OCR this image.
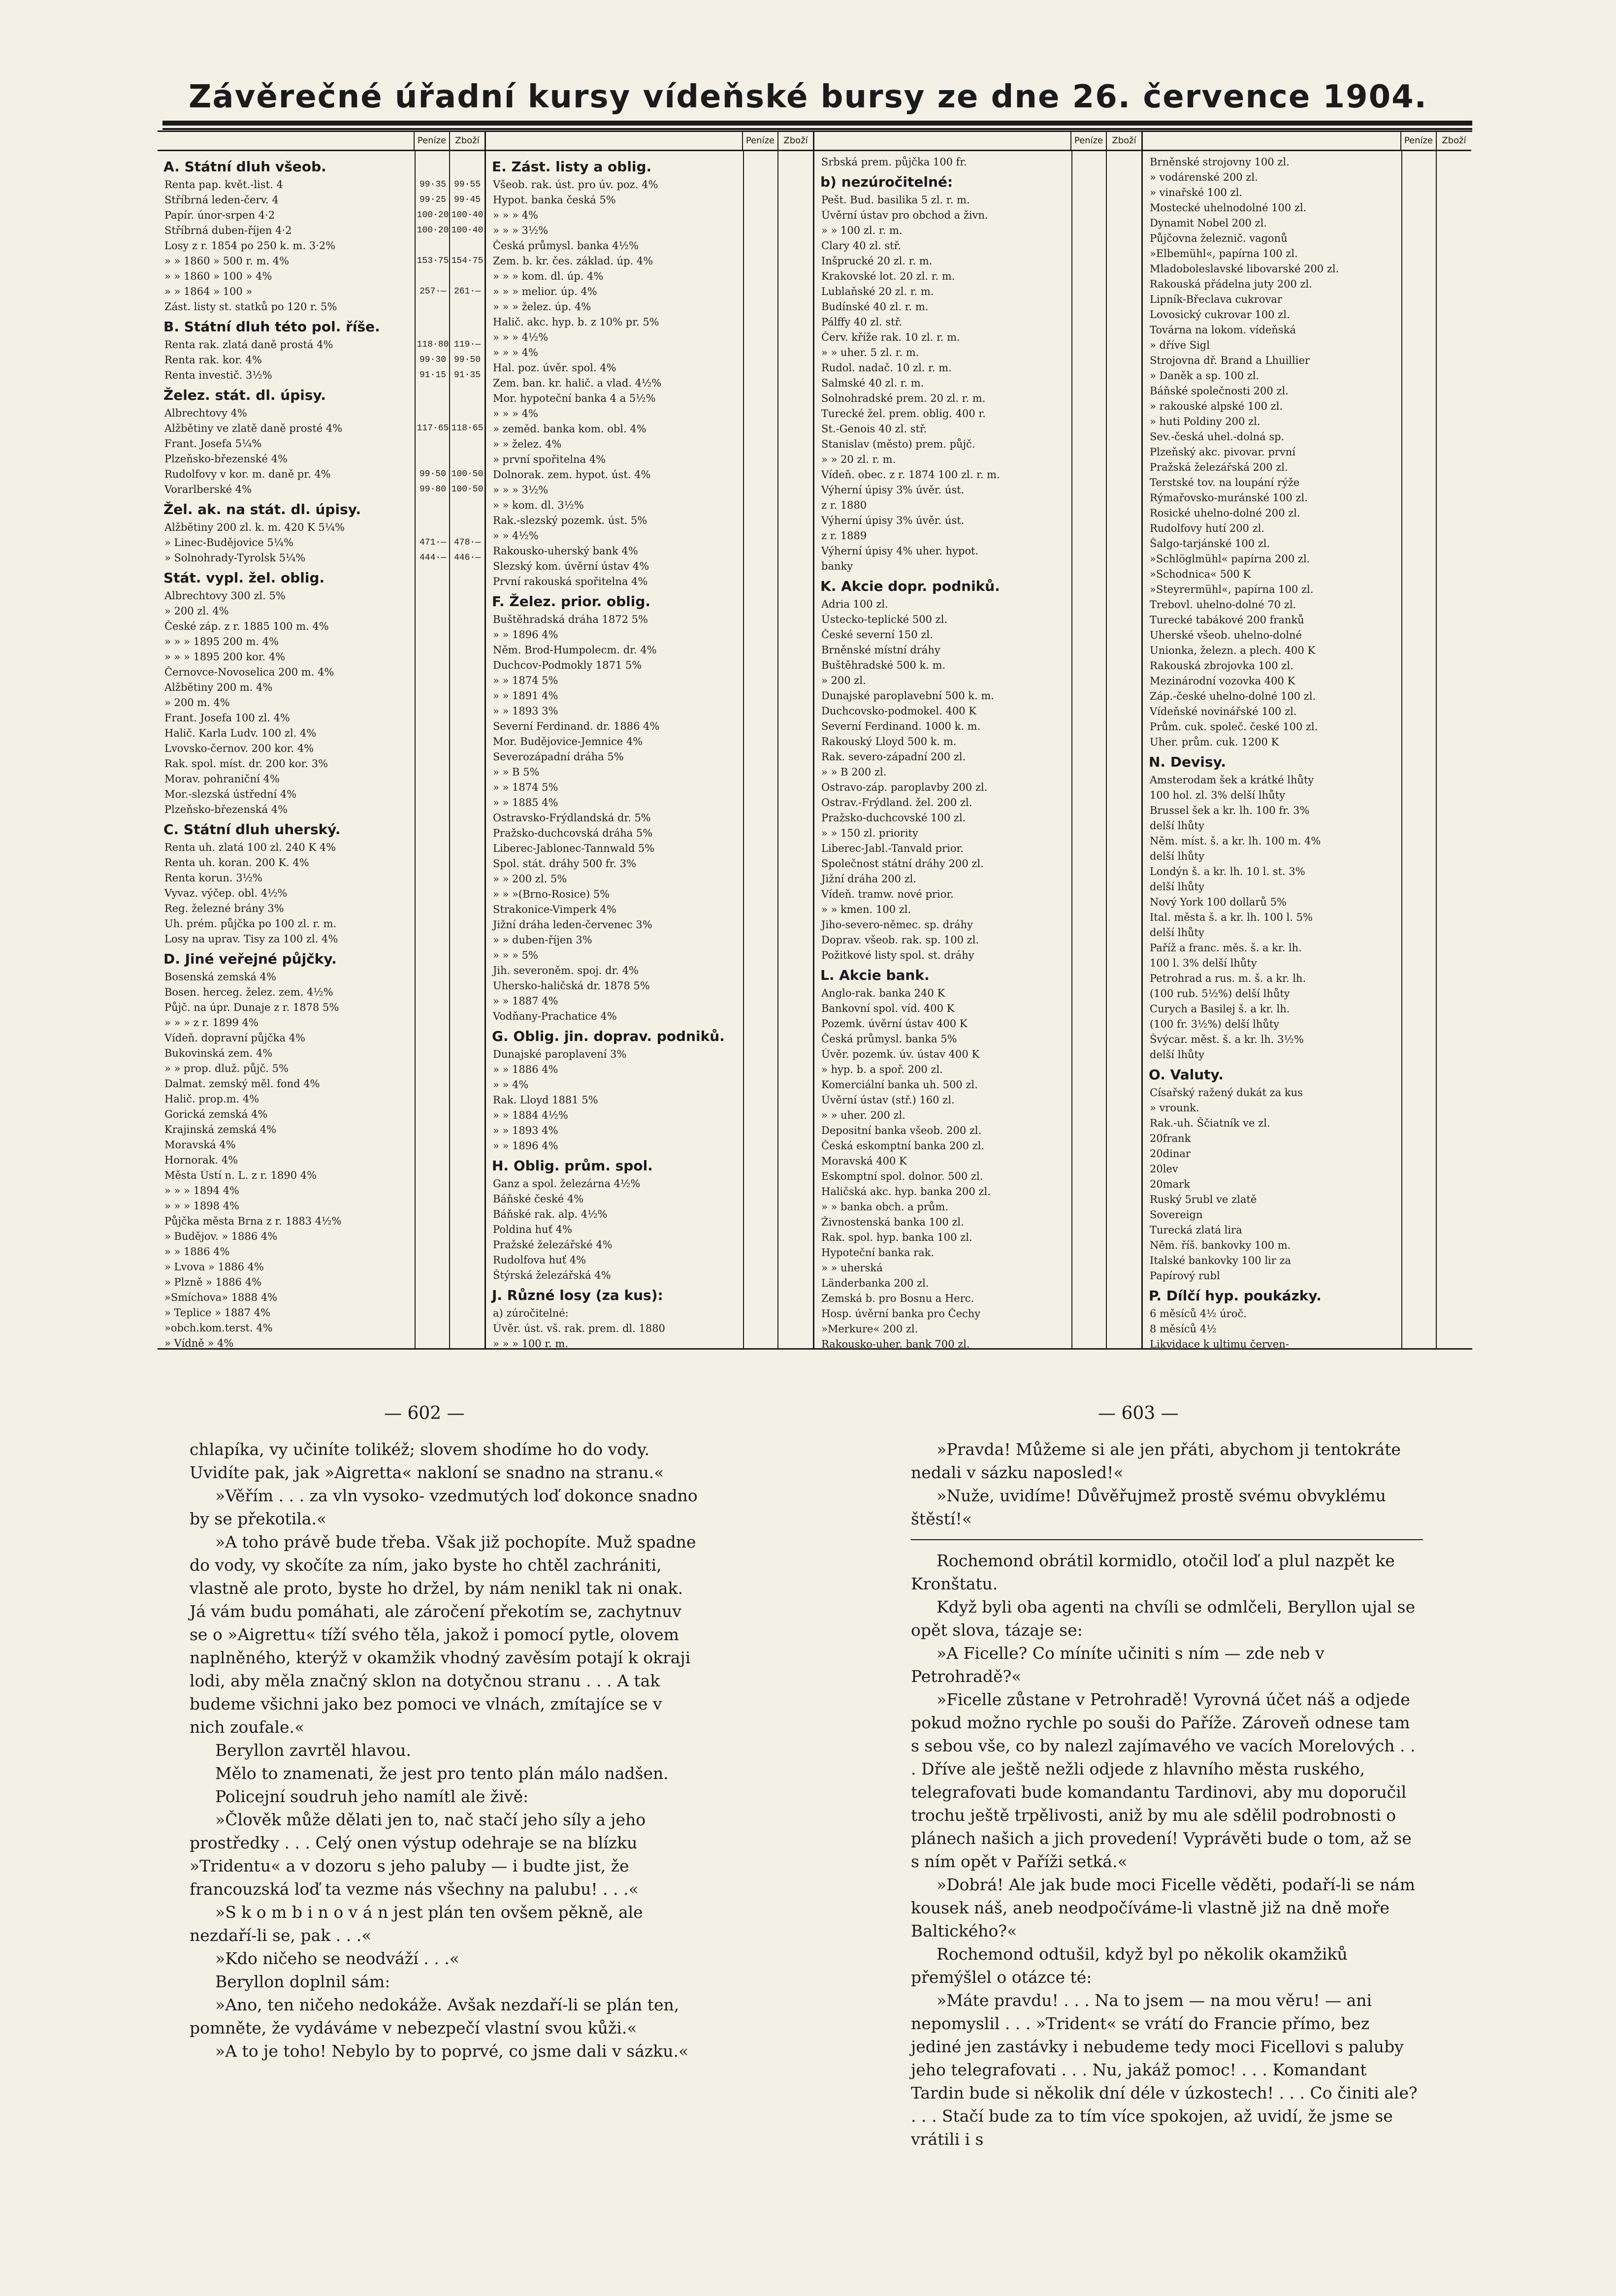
Závěrečné úřadní kursy vídeňské bursy ze dne 26. července 1904.
Peníze	Zboží
A. Státní dluh všeob.
Renta pap. květ.-list. 4	99·35 99·55
Stříbrná leden-červ. 4	99·25 99·45
Papír. únor-srpen 4·2	100·20 100·40
Stříbrná duben-říjen 4·2	100·20 100·40
Losy z r. 1854 po 250 k. m. 3·2%
» » 1860 » 500 r. m. 4%	153·75 154·75
» » 1860 » 100 » 4%
» » 1864 » 100 »	257·— 261·—
Zást. listy st. statků po 120 r. 5%
B. Státní dluh této pol. říše.
Renta rak. zlatá daně prostá 4%	118·80 119·—
Renta rak. kor. 4%	99·30 99·50
Renta investič. 3½%	91·15 91·35
Želez. stát. dl. úpisy.
Albrechtovy 4%
Alžbětiny ve zlatě daně prosté 4%	117·65 118·65
Frant. Josefa 5¼%
Plzeňsko-březenské 4%
Rudolfovy v kor. m. daně pr. 4%	99·50 100·50
Vorarlberské 4%	99·80 100·50
Žel. ak. na stát. dl. úpisy.
Alžbětiny 200 zl. k. m. 420 K 5¼%
» Linec-Budějovice 5¼%	471·— 478·—
» Solnohrady-Tyrolsk 5¼%	444·— 446·—
Stát. vypl. žel. oblig.
Albrechtovy 300 zl. 5%
» 200 zl. 4%
České záp. z r. 1885 100 m. 4%
» » » 1895 200 m. 4%
» » » 1895 200 kor. 4%
Černovce-Novoselica 200 m. 4%
Alžbětiny 200 m. 4%
» 200 m. 4%
Frant. Josefa 100 zl. 4%
Halič. Karla Ludv. 100 zl. 4%
Lvovsko-černov. 200 kor. 4%
Rak. spol. míst. dr. 200 kor. 3%
Morav. pohraniční 4%
Mor.-slezská ústřední 4%
Plzeňsko-březenská 4%
C. Státní dluh uherský.
Renta uh. zlatá 100 zl. 240 K 4%
Renta uh. koran. 200 K. 4%
Renta korun. 3½%
Vyvaz. výčep. obl. 4½%
Reg. železné brány 3%
Uh. prém. půjčka po 100 zl. r. m.
Losy na uprav. Tisy za 100 zl. 4%
D. Jiné veřejné půjčky.
Bosenská zemská 4%
Bosen. herceg. želez. zem. 4½%
Půjč. na úpr. Dunaje z r. 1878 5%
» » » z r. 1899 4%
Vídeň. dopravní půjčka 4%
Bukovinská zem. 4%
» » prop. dluž. půjč. 5%
Dalmat. zemský měl. fond 4%
Halič. prop.m. 4%
Gorická zemská 4%
Krajinská zemská 4%
Moravská 4%
Hornorak. 4%
Města Ústí n. L. z r. 1890 4%
» » » 1894 4%
» » » 1898 4%
Půjčka města Brna z r. 1883 4½%
» Budějov. » 1886 4%
» » 1886 4%
» Lvova » 1886 4%
» Plzně » 1886 4%
»Smíchova» 1888 4%
» Teplice » 1887 4%
»obch.kom.terst. 4%
» Vídně » 4%
Peníze	Zboží
E. Zást. listy a oblig.
Všeob. rak. úst. pro úv. poz. 4%
Hypot. banka česká 5%
» » » 4%
» » » 3½%
Česká průmysl. banka 4½%
Zem. b. kr. čes. základ. úp. 4%
» » » kom. dl. úp. 4%
» » » melior. úp. 4%
» » » želez. úp. 4%
Halič. akc. hyp. b. z 10% pr. 5%
» » » 4½%
» » » 4%
Hal. poz. úvěr. spol. 4%
Zem. ban. kr. halič. a vlad. 4½%
Mor. hypoteční banka 4 a 5½%
» » » 4%
» zeměd. banka kom. obl. 4%
» » želez. 4%
» první spořitelna 4%
Dolnorak. zem. hypot. úst. 4%
» » » 3½%
» » kom. dl. 3½%
Rak.-slezský pozemk. úst. 5%
» » 4½%
Rakousko-uherský bank 4%
Slezský kom. úvěrní ústav 4%
První rakouská spořitelna 4%
F. Želez. prior. oblig.
Buštěhradská dráha 1872 5%
» » 1896 4%
Něm. Brod-Humpolecm. dr. 4%
Duchcov-Podmokly 1871 5%
» » 1874 5%
» » 1891 4%
» » 1893 3%
Severní Ferdinand. dr. 1886 4%
Mor. Budějovice-Jemnice 4%
Severozápadní dráha 5%
» » B 5%
» » 1874 5%
» » 1885 4%
Ostravsko-Frýdlandská dr. 5%
Pražsko-duchcovská dráha 5%
Liberec-Jablonec-Tannwald 5%
Spol. stát. dráhy 500 fr. 3%
» » 200 zl. 5%
» » »(Brno-Rosice) 5%
Strakonice-Vimperk 4%
Jižní dráha leden-červenec 3%
» » duben-říjen 3%
» » » 5%
Jih. severoněm. spoj. dr. 4%
Uhersko-haličská dr. 1878 5%
» » 1887 4%
Vodňany-Prachatice 4%
G. Oblig. jin. doprav. podniků.
Dunajské paroplavení 3%
» » 1886 4%
» » 4%
Rak. Lloyd 1881 5%
» » 1884 4½%
» » 1893 4%
» » 1896 4%
H. Oblig. prům. spol.
Ganz a spol. železárna 4½%
Báňské české 4%
Báňské rak. alp. 4½%
Poldina huť 4%
Pražské železářské 4%
Rudolfova huť 4%
Štýrská železářská 4%
J. Různé losy (za kus):
a) zúročitelné:
Úvěr. úst. vš. rak. prem. dl. 1880
» » » 100 r. m.
Peníze	Zboží
Srbská prem. půjčka 100 fr.
b) nezúročitelné:
Pešt. Bud. basilika 5 zl. r. m.
Úvěrní ústav pro obchod a živn.
» » 100 zl. r. m.
Clary 40 zl. stř.
Inšprucké 20 zl. r. m.
Krakovské lot. 20 zl. r. m.
Lublaňské 20 zl. r. m.
Budínské 40 zl. r. m.
Pálffy 40 zl. stř.
Červ. kříže rak. 10 zl. r. m.
» » uher. 5 zl. r. m.
Rudol. nadač. 10 zl. r. m.
Salmské 40 zl. r. m.
Solnohradské prem. 20 zl. r. m.
Turecké žel. prem. oblig. 400 r.
St.-Genois 40 zl. stř.
Stanislav (město) prem. půjč.
» » 20 zl. r. m.
Vídeň. obec. z r. 1874 100 zl. r. m.
Výherní úpisy 3% úvěr. úst.
z r. 1880
Výherní úpisy 3% úvěr. úst.
z r. 1889
Výherní úpisy 4% uher. hypot.
banky
K. Akcie dopr. podniků.
Adria 100 zl.
Ústecko-teplické 500 zl.
České severní 150 zl.
Brněnské místní dráhy
Buštěhradské 500 k. m.
» 200 zl.
Dunajské paroplavební 500 k. m.
Duchcovsko-podmokel. 400 K
Severní Ferdinand. 1000 k. m.
Rakouský Lloyd 500 k. m.
Rak. severo-západní 200 zl.
» » B 200 zl.
Ostravo-záp. paroplavby 200 zl.
Ostrav.-Frýdland. žel. 200 zl.
Pražsko-duchcovské 100 zl.
» » 150 zl. priority
Liberec-Jabl.-Tanvald prior.
Společnost státní dráhy 200 zl.
Jižní dráha 200 zl.
Vídeň. tramw. nové prior.
» » kmen. 100 zl.
Jiho-severo-němec. sp. dráhy
Doprav. všeob. rak. sp. 100 zl.
Požitkové listy spol. st. dráhy
L. Akcie bank.
Anglo-rak. banka 240 K
Bankovní spol. víd. 400 K
Pozemk. úvěrní ústav 400 K
Česká průmysl. banka 5%
Úvěr. pozemk. úv. ústav 400 K
» hyp. b. a spoř. 200 zl.
Komerciální banka uh. 500 zl.
Úvěrní ústav (stř.) 160 zl.
» » uher. 200 zl.
Depositní banka všeob. 200 zl.
Česká eskomptní banka 200 zl.
Moravská 400 K
Eskomptní spol. dolnor. 500 zl.
Haličská akc. hyp. banka 200 zl.
» » banka obch. a prům.
Živnostenská banka 100 zl.
Rak. spol. hyp. banka 100 zl.
Hypoteční banka rak.
» » uherská
Länderbanka 200 zl.
Zemská b. pro Bosnu a Herc.
Hosp. úvěrní banka pro Čechy
»Merkure« 200 zl.
Rakousko-uher. bank 700 zl.
Peníze	Zboží
Brněnské strojovny 100 zl.
» vodárenské 200 zl.
» vinařské 100 zl.
Mostecké uhelnodolné 100 zl.
Dynamit Nobel 200 zl.
Půjčovna železnič. vagonů
»Elbemühl«, papírna 100 zl.
Mladoboleslavské libovarské 200 zl.
Rakouská přádelna juty 200 zl.
Lipník-Břeclava cukrovar
Lovosický cukrovar 100 zl.
Továrna na lokom. vídeňská
» dříve Sigl
Strojovna dř. Brand a Lhuillier
» Daněk a sp. 100 zl.
Báňské společnosti 200 zl.
» rakouské alpské 100 zl.
» huti Poldiny 200 zl.
Sev.-česká uhel.-dolná sp.
Plzeňský akc. pivovar. první
Pražská železářská 200 zl.
Terstské tov. na loupání rýže
Rýmařovsko-muránské 100 zl.
Rosické uhelno-dolné 200 zl.
Rudolfovy hutí 200 zl.
Šalgo-tarjánské 100 zl.
»Schlöglmühl« papírna 200 zl.
»Schodnica« 500 K
»Steyrermühl«, papírna 100 zl.
Trebovl. uhelno-dolné 70 zl.
Turecké tabákové 200 franků
Uherské všeob. uhelno-dolné
Unionka, železn. a plech. 400 K
Rakouská zbrojovka 100 zl.
Mezinárodní vozovka 400 K
Záp.-české uhelno-dolné 100 zl.
Vídeňské novinářské 100 zl.
Prům. cuk. společ. české 100 zl.
Uher. prům. cuk. 1200 K
N. Devisy.
Amsterodam šek a krátké lhůty
100 hol. zl. 3% delší lhůty
Brussel šek a kr. lh. 100 fr. 3%
delší lhůty
Něm. míst. š. a kr. lh. 100 m. 4%
delší lhůty
Londýn š. a kr. lh. 10 l. st. 3%
delší lhůty
Nový York 100 dollarů 5%
Ital. města š. a kr. lh. 100 l. 5%
delší lhůty
Paříž a franc. měs. š. a kr. lh.
100 l. 3% delší lhůty
Petrohrad a rus. m. š. a kr. lh.
(100 rub. 5½%) delší lhůty
Curych a Basilej š. a kr. lh.
(100 fr. 3½%) delší lhůty
Švýcar. měst. š. a kr. lh. 3½%
delší lhůty
O. Valuty.
Císařský ražený dukát za kus
» vrounk.
Rak.-uh. Ščiatník ve zl.
20frank
20dinar
20lev
20mark
Ruský 5rubl ve zlatě
Sovereign
Turecká zlatá lira
Něm. říš. bankovky 100 m.
Italské bankovky 100 lir za
Papírový rubl
P. Dílčí hyp. poukázky.
6 měsíců 4½ úroč.
8 měsíců 4½
Likvidace k ultimu červen-
— 602 —	— 603 —

chlapíka, vy učiníte tolikéž; slovem shodíme ho do vody. Uvidíte pak, jak »Aigretta« nakloní se snadno na stranu.«

»Věřím . . . za vln vysoko- vzedmutých loď dokonce snadno by se překotila.«

»A toho právě bude třeba. Však již pochopíte. Muž spadne do vody, vy skočíte za ním, jako byste ho chtěl zachrániti, vlastně ale proto, byste ho držel, by nám nenikl tak ni onak. Já vám budu pomáhati, ale záročení překotím se, zachytnuv se o »Aigrettu« tíží svého těla, jakož i pomocí pytle, olovem naplněného, kterýž v okamžik vhodný zavěsím potají k okraji lodi, aby měla značný sklon na dotyčnou stranu . . . A tak budeme všichni jako bez pomoci ve vlnách, zmítajíce se v nich zoufale.«

Beryllon zavrtěl hlavou.

Mělo to znamenati, že jest pro tento plán málo nadšen.

Policejní soudruh jeho namítl ale živě:

»Člověk může dělati jen to, nač stačí jeho síly a jeho prostředky . . . Celý onen výstup odehraje se na blízku »Tridentu« a v dozoru s jeho paluby — i budte jist, že francouzská loď ta vezme nás všechny na palubu! . . .«

»S k o m b i n o v á n jest plán ten ovšem pěkně, ale nezdaří-li se, pak . . .«

»Kdo ničeho se neodváží . . .«

Beryllon doplnil sám:

»Ano, ten ničeho nedokáže. Avšak nezdaří-li se plán ten, pomněte, že vydáváme v nebezpečí vlastní svou kůži.«

»A to je toho! Nebylo by to poprvé, co jsme dali v sázku.«

»Pravda! Můžeme si ale jen přáti, abychom ji tentokráte nedali v sázku naposled!«

»Nuže, uvidíme! Důvěřujmež prostě svému obvyklému štěstí!«

Rochemond obrátil kormidlo, otočil loď a plul nazpět ke Kronštatu.

Když byli oba agenti na chvíli se odmlčeli, Beryllon ujal se opět slova, tázaje se:

»A Ficelle? Co míníte učiniti s ním — zde neb v Petrohradě?«

»Ficelle zůstane v Petrohradě! Vyrovná účet náš a odjede pokud možno rychle po souši do Paříže. Zároveň odnese tam s sebou vše, co by nalezl zajímavého ve vacích Morelových . . . Dříve ale ještě nežli odjede z hlavního města ruského, telegrafovati bude komandantu Tardinovi, aby mu doporučil trochu ještě trpělivosti, aniž by mu ale sdělil podrobnosti o plánech našich a jich provedení! Vyprávěti bude o tom, až se s ním opět v Paříži setká.«

»Dobrá! Ale jak bude moci Ficelle věděti, podaří-li se nám kousek náš, aneb neodpočíváme-li vlastně již na dně moře Baltického?«

Rochemond odtušil, když byl po několik okamžiků přemýšlel o otázce té:

»Máte pravdu! . . . Na to jsem — na mou věru! — ani nepomyslil . . . »Trident« se vrátí do Francie přímo, bez jediné jen zastávky i nebudeme tedy moci Ficellovi s paluby jeho telegrafovati . . . Nu, jakáž pomoc! . . . Komandant Tardin bude si několik dní déle v úzkostech! . . . Co činiti ale? . . . Stačí bude za to tím více spokojen, až uvidí, že jsme se vrátili i s
